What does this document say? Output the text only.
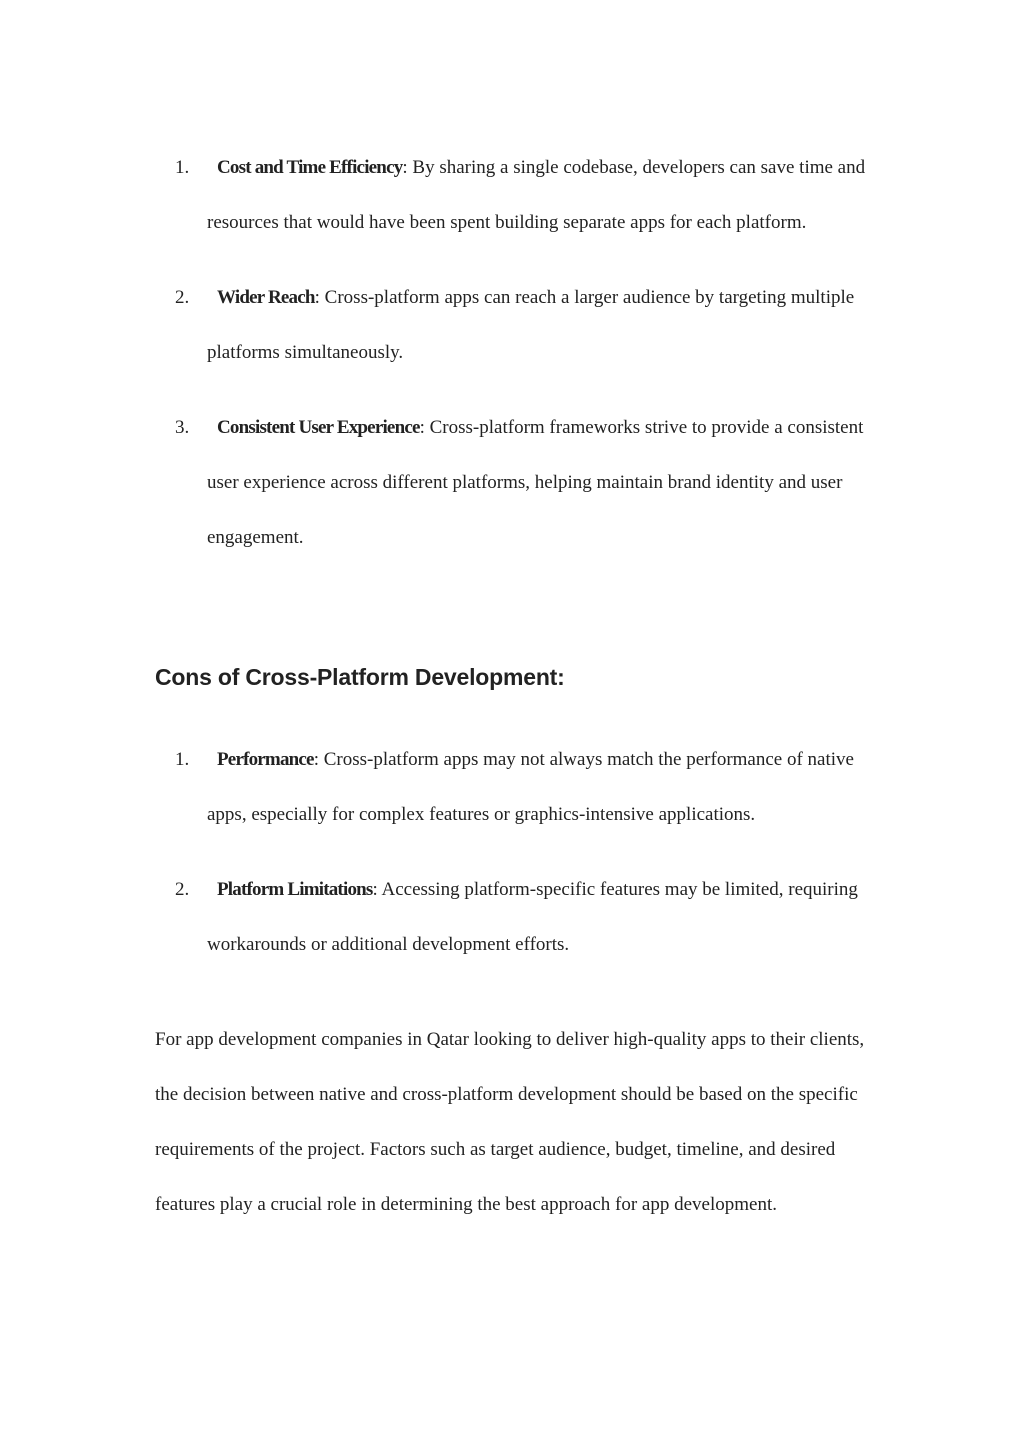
1. Cost and Time Efficiency: By sharing a single codebase, developers can save time and resources that would have been spent building separate apps for each platform.
2. Wider Reach: Cross-platform apps can reach a larger audience by targeting multiple platforms simultaneously.
3. Consistent User Experience: Cross-platform frameworks strive to provide a consistent user experience across different platforms, helping maintain brand identity and user engagement.
Cons of Cross-Platform Development:
1. Performance: Cross-platform apps may not always match the performance of native apps, especially for complex features or graphics-intensive applications.
2. Platform Limitations: Accessing platform-specific features may be limited, requiring workarounds or additional development efforts.

For app development companies in Qatar looking to deliver high-quality apps to their clients, the decision between native and cross-platform development should be based on the specific requirements of the project. Factors such as target audience, budget, timeline, and desired features play a crucial role in determining the best approach for app development.
